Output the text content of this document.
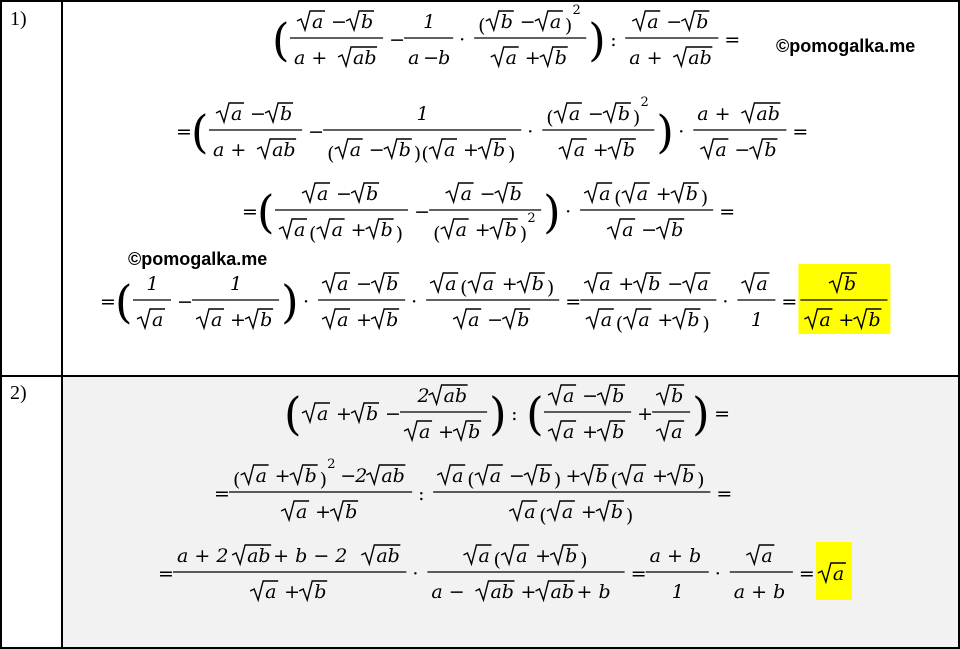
1)
2)
©pomogalka.me
©pomogalka.me
( a − b
a + ab
−
1
a − b
·
( b − a )
2
a + b ) :
a − b
a + ab
=
= ( a − b
a + ab
−
1
( a − b ) ( a + b )
·
( a − b )
2
a + b ) ·
a + ab
a − b
=
= ( a − b
a ( a + b )
−
a − b
( a + b )
2 ) ·
a ( a + b )
a − b
=
= ( 1
a
−
1
a + b ) ·
a − b
a + b
·
a ( a + b )
a − b
=
a + b − a
a ( a + b )
·
a
1
=
b
a + b
( a + b −
2 ab
a + b ) : ( a − b
a + b
+
b
a ) =
=
( a + b )
2
− 2 ab
a + b
:
a ( a − b ) + b ( a + b )
a ( a + b )
=
=
a + 2 ab + b − 2 ab
a + b
·
a ( a + b )
a − ab + ab + b
=
a + b
1
·
a
a + b
= a
